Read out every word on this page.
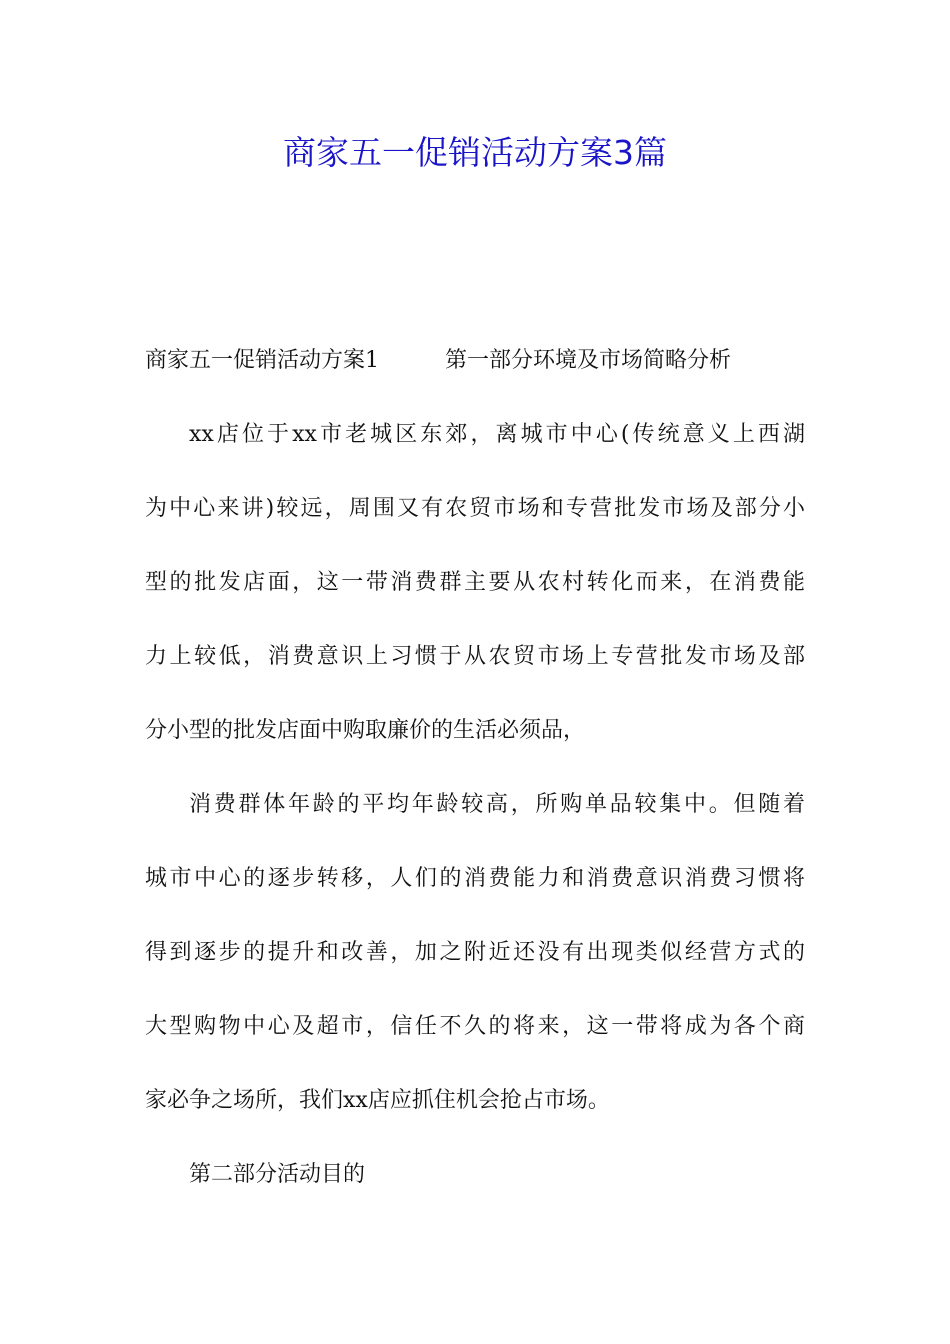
商家五一促销活动方案3篇

商家五一促销活动方案1	第一部分环境及市场简略分析

xx店位于xx市老城区东郊，离城市中心(传统意义上西湖

为中心来讲)较远，周围又有农贸市场和专营批发市场及部分小

型的批发店面，这一带消费群主要从农村转化而来，在消费能

力上较低，消费意识上习惯于从农贸市场上专营批发市场及部

分小型的批发店面中购取廉价的生活必须品，

消费群体年龄的平均年龄较高，所购单品较集中。但随着

城市中心的逐步转移，人们的消费能力和消费意识消费习惯将

得到逐步的提升和改善，加之附近还没有出现类似经营方式的

大型购物中心及超市，信任不久的将来，这一带将成为各个商

家必争之场所，我们xx店应抓住机会抢占市场。

第二部分活动目的
